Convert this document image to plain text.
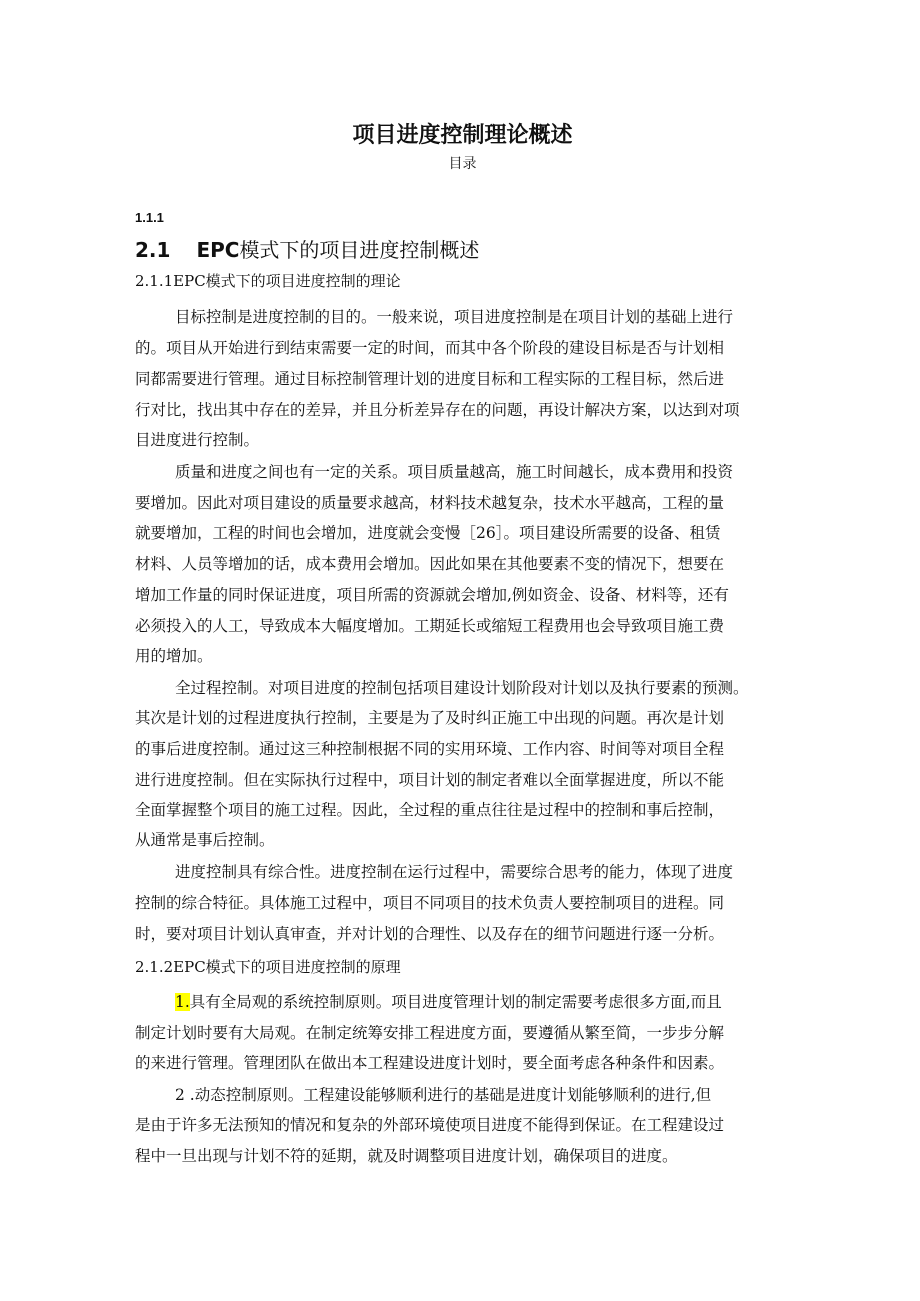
项目进度控制理论概述
目录
1.1.1
2.1 EPC模式下的项目进度控制概述
2.1.1EPC模式下的项目进度控制的理论
目标控制是进度控制的目的。一般来说，项目进度控制是在项目计划的基础上进行
的。项目从开始进行到结束需要一定的时间，而其中各个阶段的建设目标是否与计划相
同都需要进行管理。通过目标控制管理计划的进度目标和工程实际的工程目标，然后进
行对比，找出其中存在的差异，并且分析差异存在的问题，再设计解决方案，以达到对项
目进度进行控制。
质量和进度之间也有一定的关系。项目质量越高，施工时间越长，成本费用和投资
要增加。因此对项目建设的质量要求越高，材料技术越复杂，技术水平越高，工程的量
就要增加，工程的时间也会增加，进度就会变慢［26］。项目建设所需要的设备、租赁
材料、人员等增加的话，成本费用会增加。因此如果在其他要素不变的情况下，想要在
增加工作量的同时保证进度，项目所需的资源就会增加,例如资金、设备、材料等，还有
必须投入的人工，导致成本大幅度增加。工期延长或缩短工程费用也会导致项目施工费
用的增加。
全过程控制。对项目进度的控制包括项目建设计划阶段对计划以及执行要素的预测。
其次是计划的过程进度执行控制，主要是为了及时纠正施工中出现的问题。再次是计划
的事后进度控制。通过这三种控制根据不同的实用环境、工作内容、时间等对项目全程
进行进度控制。但在实际执行过程中，项目计划的制定者难以全面掌握进度，所以不能
全面掌握整个项目的施工过程。因此，全过程的重点往往是过程中的控制和事后控制，
从通常是事后控制。
进度控制具有综合性。进度控制在运行过程中，需要综合思考的能力，体现了进度
控制的综合特征。具体施工过程中，项目不同项目的技术负责人要控制项目的进程。同
时，要对项目计划认真审查，并对计划的合理性、以及存在的细节问题进行逐一分析。
2.1.2EPC模式下的项目进度控制的原理
1.具有全局观的系统控制原则。项目进度管理计划的制定需要考虑很多方面,而且
制定计划时要有大局观。在制定统筹安排工程进度方面，要遵循从繁至简，一步步分解
的来进行管理。管理团队在做出本工程建设进度计划时，要全面考虑各种条件和因素。
2 .动态控制原则。工程建设能够顺利进行的基础是进度计划能够顺利的进行,但
是由于许多无法预知的情况和复杂的外部环境使项目进度不能得到保证。在工程建设过
程中一旦出现与计划不符的延期，就及时调整项目进度计划，确保项目的进度。
